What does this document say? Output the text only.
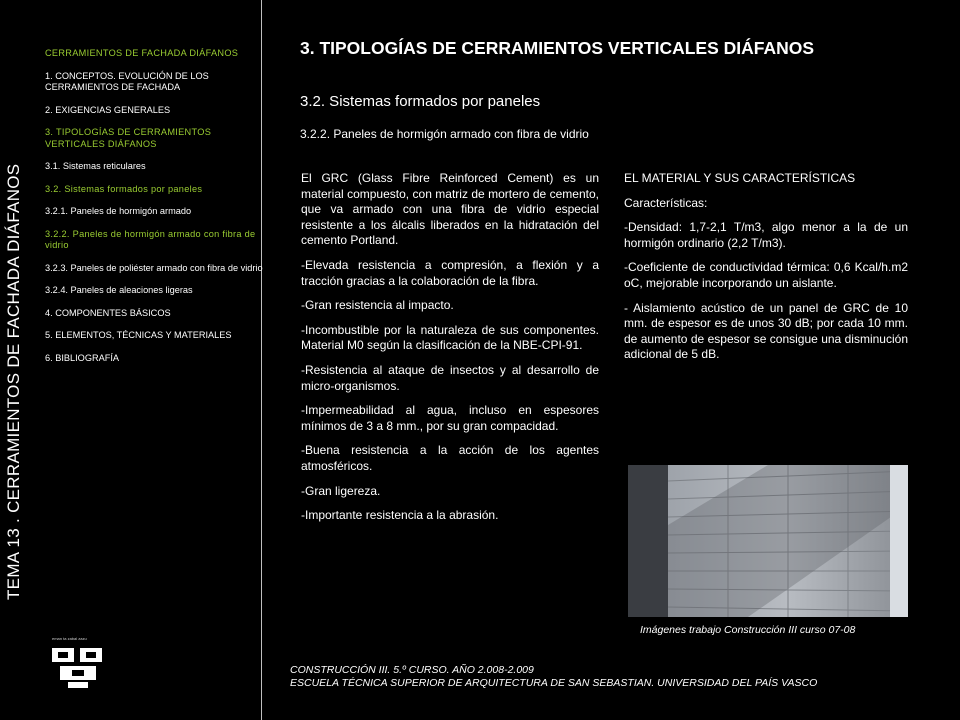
TEMA 13 . CERRAMIENTOS DE FACHADA DIÁFANOS
CERRAMIENTOS DE FACHADA DIÁFANOS
1. CONCEPTOS. EVOLUCIÓN DE LOS CERRAMIENTOS DE FACHADA
2. EXIGENCIAS GENERALES
3. TIPOLOGÍAS DE CERRAMIENTOS VERTICALES DIÁFANOS
3.1. Sistemas reticulares
3.2. Sistemas formados por paneles
3.2.1. Paneles de hormigón armado
3.2.2. Paneles de hormigón armado con fibra de vidrio
3.2.3. Paneles de poliéster armado con fibra de vidrio
3.2.4. Paneles de aleaciones ligeras
4. COMPONENTES BÁSICOS
5. ELEMENTOS, TÉCNICAS Y MATERIALES
6. BIBLIOGRAFÍA
eman ta zabal zazu
3. TIPOLOGÍAS DE CERRAMIENTOS VERTICALES DIÁFANOS
3.2. Sistemas formados por paneles
3.2.2. Paneles de hormigón armado con fibra de vidrio

El GRC (Glass Fibre Reinforced Cement) es un material compuesto, con matriz de mortero de cemento, que va armado con una fibra de vidrio especial resistente a los álcalis liberados en la hidratación del cemento Portland.

-Elevada resistencia a compresión, a flexión y a tracción gracias a la colaboración de la fibra.

-Gran resistencia al impacto.

-Incombustible por la naturaleza de sus componentes. Material M0 según la clasificación de la NBE-CPI-91.

-Resistencia al ataque de insectos y al desarrollo de micro-organismos.

-Impermeabilidad al agua, incluso en espesores mínimos de 3 a 8 mm., por su gran compacidad.

-Buena resistencia a la acción de los agentes atmosféricos.

-Gran ligereza.

-Importante resistencia a la abrasión.

EL MATERIAL Y SUS CARACTERÍSTICAS

Características:

-Densidad: 1,7-2,1 T/m3, algo menor a la de un hormigón ordinario (2,2 T/m3).

-Coeficiente de conductividad térmica: 0,6 Kcal/h.m2 oC, mejorable incorporando un aislante.

- Aislamiento acústico de un panel de GRC de 10 mm. de espesor es de unos 30 dB; por cada 10 mm. de aumento de espesor se consigue una disminución adicional de 5 dB.

Imágenes trabajo Construcción III curso 07-08
CONSTRUCCIÓN III. 5.º CURSO. AÑO 2.008-2.009
ESCUELA TÉCNICA SUPERIOR DE ARQUITECTURA DE SAN SEBASTIAN. UNIVERSIDAD DEL PAÍS VASCO
